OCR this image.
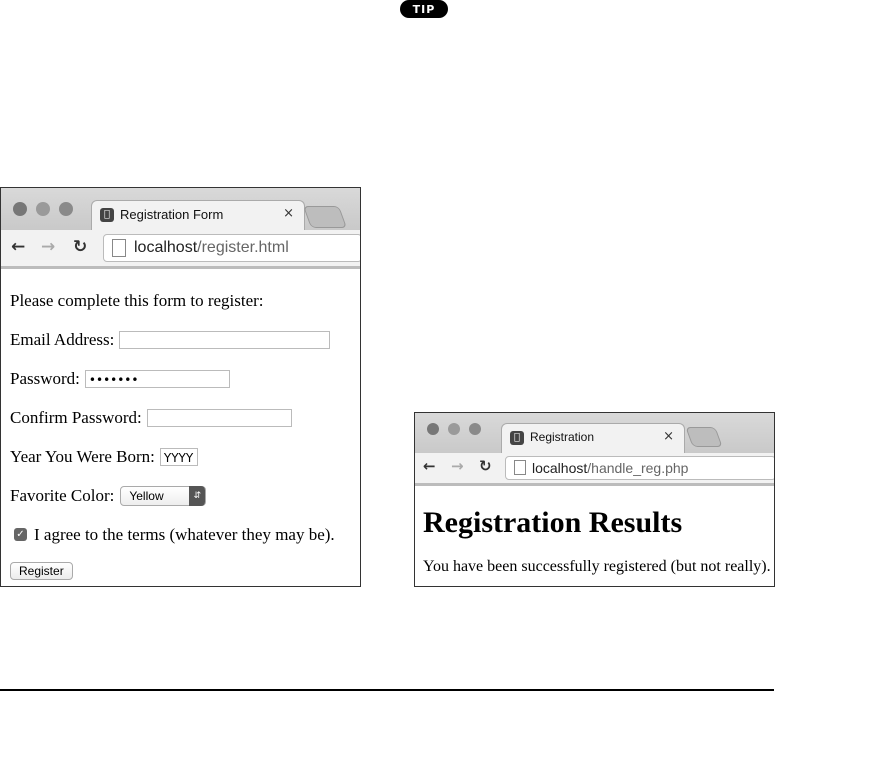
TIP
Registration Form	×
← → ↻	localhost/register.html

Please complete this form to register:

Email Address:

Password: •••••••

Confirm Password:

Year You Were Born: YYYY

Favorite Color: Yellow	⇵

✓ I agree to the terms (whatever they may be).

Register

Registration	×
← → ↻	localhost/handle_reg.php
Registration Results

You have been successfully registered (but not really).
